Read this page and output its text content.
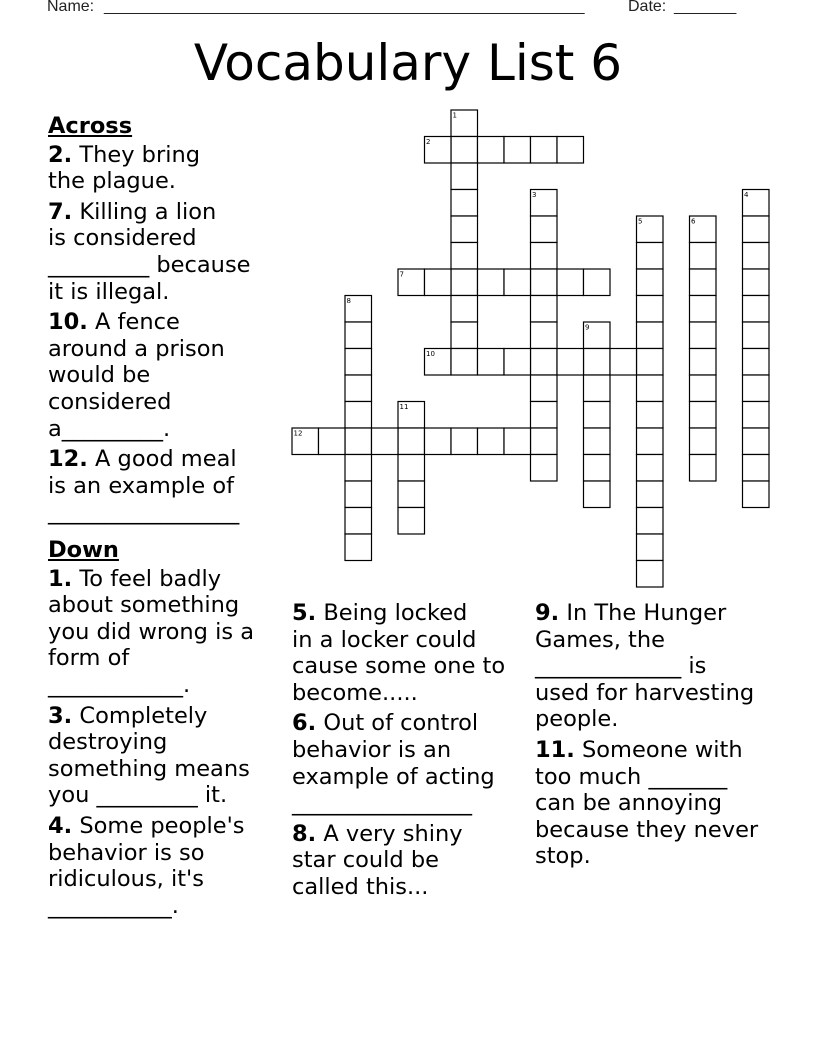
Name: ______________________________________________________	Date: _______
Vocabulary List 6
Across
2. They bring
the plague.
7. Killing a lion
is considered
_________ because
it is illegal.
10. A fence
around a prison
would be
considered
a_________.
12. A good meal
is an example of
_________________
Down
1. To feel badly
about something
you did wrong is a
form of
____________.
3. Completely
destroying
something means
you _________ it.
4. Some people's
behavior is so
ridiculous, it's
___________.
5. Being locked
in a locker could
cause some one to
become.....
6. Out of control
behavior is an
example of acting
________________
8. A very shiny
star could be
called this...
9. In The Hunger
Games, the
_____________ is
used for harvesting
people.
11. Someone with
too much _______
can be annoying
because they never
stop.
1
2
3	4
5	6
7
8
9
10
11
12
